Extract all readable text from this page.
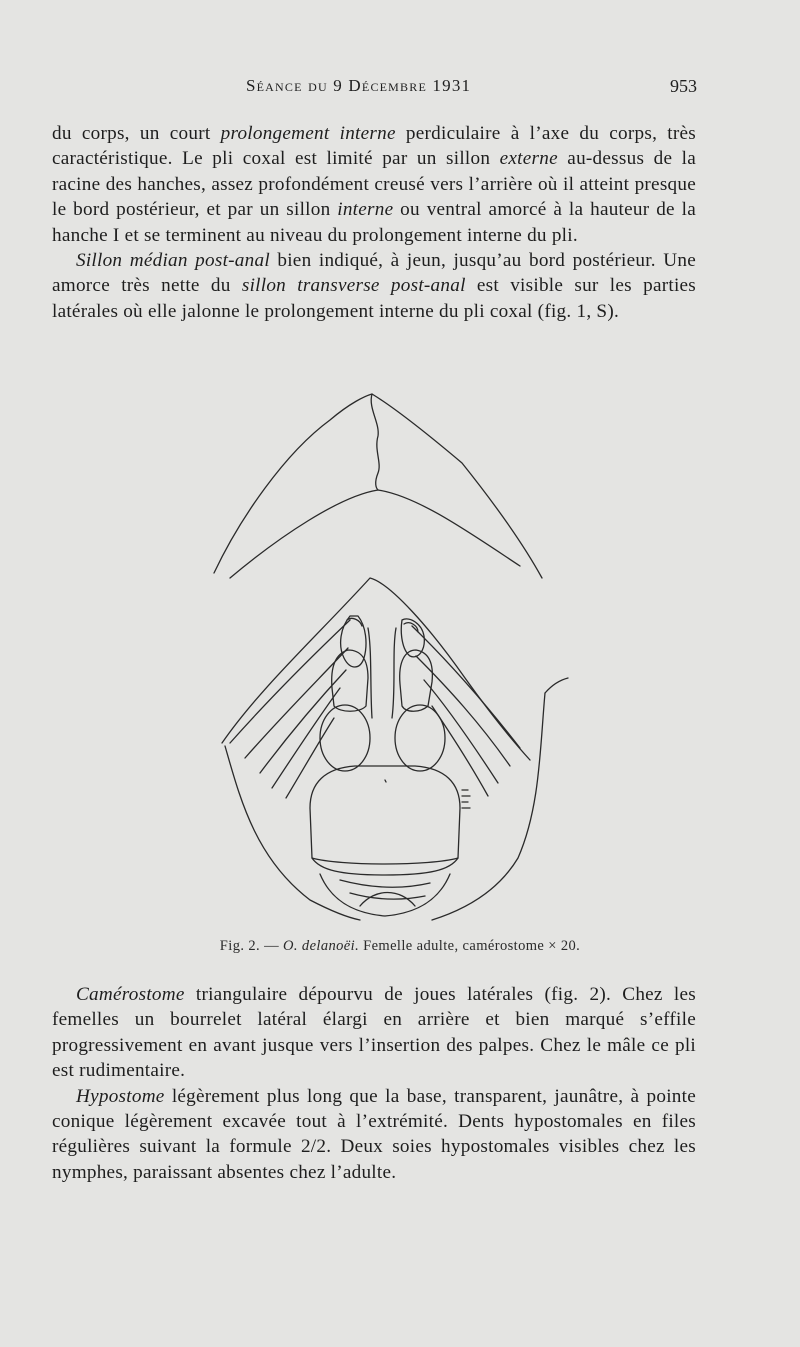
Séance du 9 Décembre 1931	953

du corps, un court prolongement interne perdiculaire à l’axe du corps, très caractéristique. Le pli coxal est limité par un sillon externe au-dessus de la racine des hanches, assez profondément creusé vers l’arrière où il atteint presque le bord postérieur, et par un sillon interne ou ventral amorcé à la hauteur de la hanche I et se terminent au niveau du prolongement interne du pli.

Sillon médian post-anal bien indiqué, à jeun, jusqu’au bord postérieur. Une amorce très nette du sillon transverse post-anal est visible sur les parties latérales où elle jalonne le prolongement interne du pli coxal (fig. 1, S).

Fig. 2. — O. delanoëi. Femelle adulte, camérostome × 20.

Camérostome triangulaire dépourvu de joues latérales (fig. 2). Chez les femelles un bourrelet latéral élargi en arrière et bien marqué s’effile progressivement en avant jusque vers l’insertion des palpes. Chez le mâle ce pli est rudimentaire.

Hypostome légèrement plus long que la base, transparent, jaunâtre, à pointe conique légèrement excavée tout à l’extrémité. Dents hypostomales en files régulières suivant la formule 2/2. Deux soies hypostomales visibles chez les nymphes, paraissant absentes chez l’adulte.
